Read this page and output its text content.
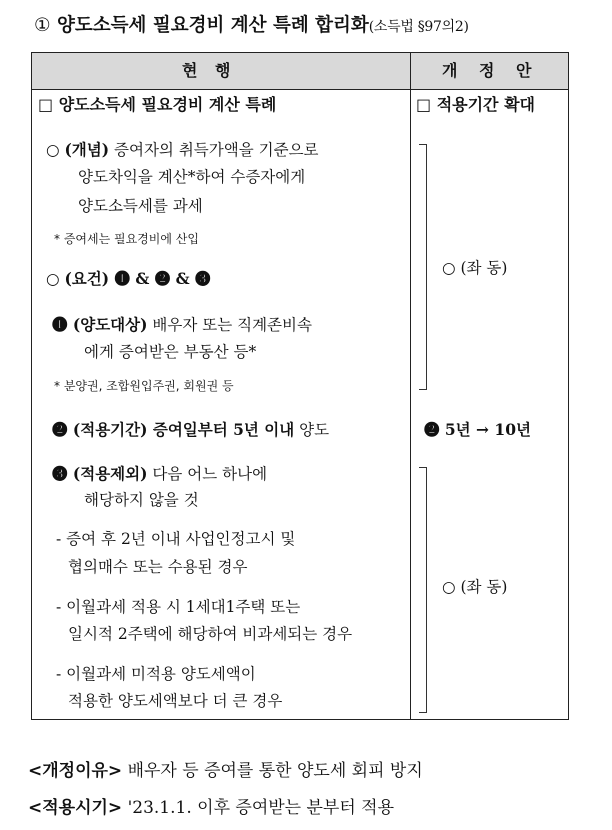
① 양도소득세 필요경비 계산 특례 합리화(소득법 §97의2)
현 행	개 정 안
□ 양도소득세 필요경비 계산 특례
○ (개념) 증여자의 취득가액을 기준으로
양도차익을 계산*하여 수증자에게
양도소득세를 과세
* 증여세는 필요경비에 산입
○ (요건) ❶ & ❷ & ❸
❶ (양도대상) 배우자 또는 직계존비속
에게 증여받은 부동산 등*
* 분양권, 조합원입주권, 회원권 등
❷ (적용기간) 증여일부터 5년 이내 양도
❸ (적용제외) 다음 어느 하나에
해당하지 않을 것
- 증여 후 2년 이내 사업인정고시 및
협의매수 또는 수용된 경우
- 이월과세 적용 시 1세대1주택 또는
일시적 2주택에 해당하여 비과세되는 경우
- 이월과세 미적용 양도세액이
적용한 양도세액보다 더 큰 경우
□ 적용기간 확대
○ (좌 동)
❷ 5년 → 10년
○ (좌 동)
<개정이유> 배우자 등 증여를 통한 양도세 회피 방지
<적용시기> '23.1.1. 이후 증여받는 분부터 적용
